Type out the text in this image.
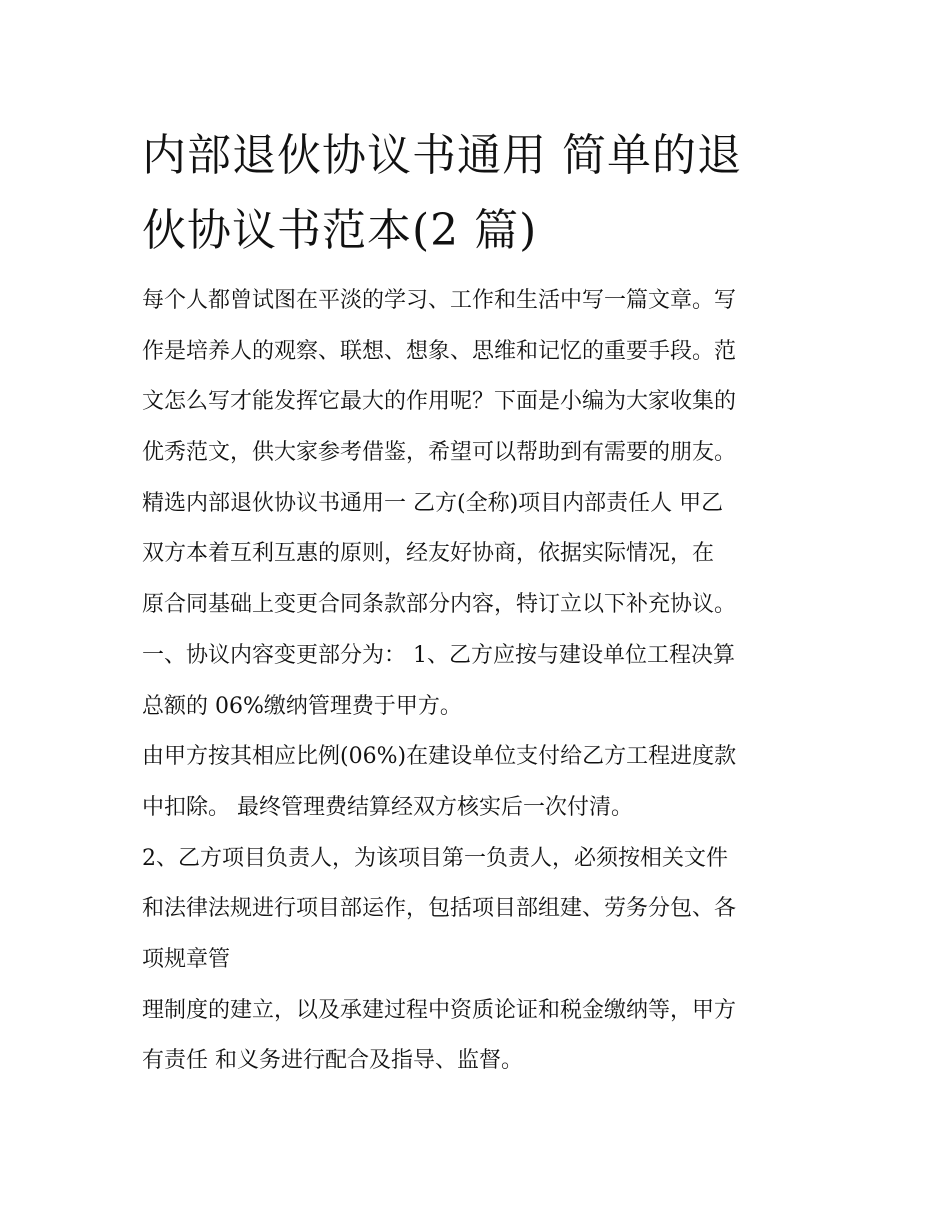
内部退伙协议书通用 简单的退
伙协议书范本(2 篇)
每个人都曾试图在平淡的学习、工作和生活中写一篇文章。写
作是培养人的观察、联想、想象、思维和记忆的重要手段。范
文怎么写才能发挥它最大的作用呢？下面是小编为大家收集的
优秀范文，供大家参考借鉴，希望可以帮助到有需要的朋友。
精选内部退伙协议书通用一 乙方(全称)项目内部责任人 甲乙
双方本着互利互惠的原则，经友好协商，依据实际情况，在
原合同基础上变更合同条款部分内容，特订立以下补充协议。
一、协议内容变更部分为： 1、乙方应按与建设单位工程决算
总额的 06%缴纳管理费于甲方。
由甲方按其相应比例(06%)在建设单位支付给乙方工程进度款
中扣除。 最终管理费结算经双方核实后一次付清。
2、乙方项目负责人，为该项目第一负责人，必须按相关文件
和法律法规进行项目部运作，包括项目部组建、劳务分包、各
项规章管
理制度的建立，以及承建过程中资质论证和税金缴纳等，甲方
有责任 和义务进行配合及指导、监督。
